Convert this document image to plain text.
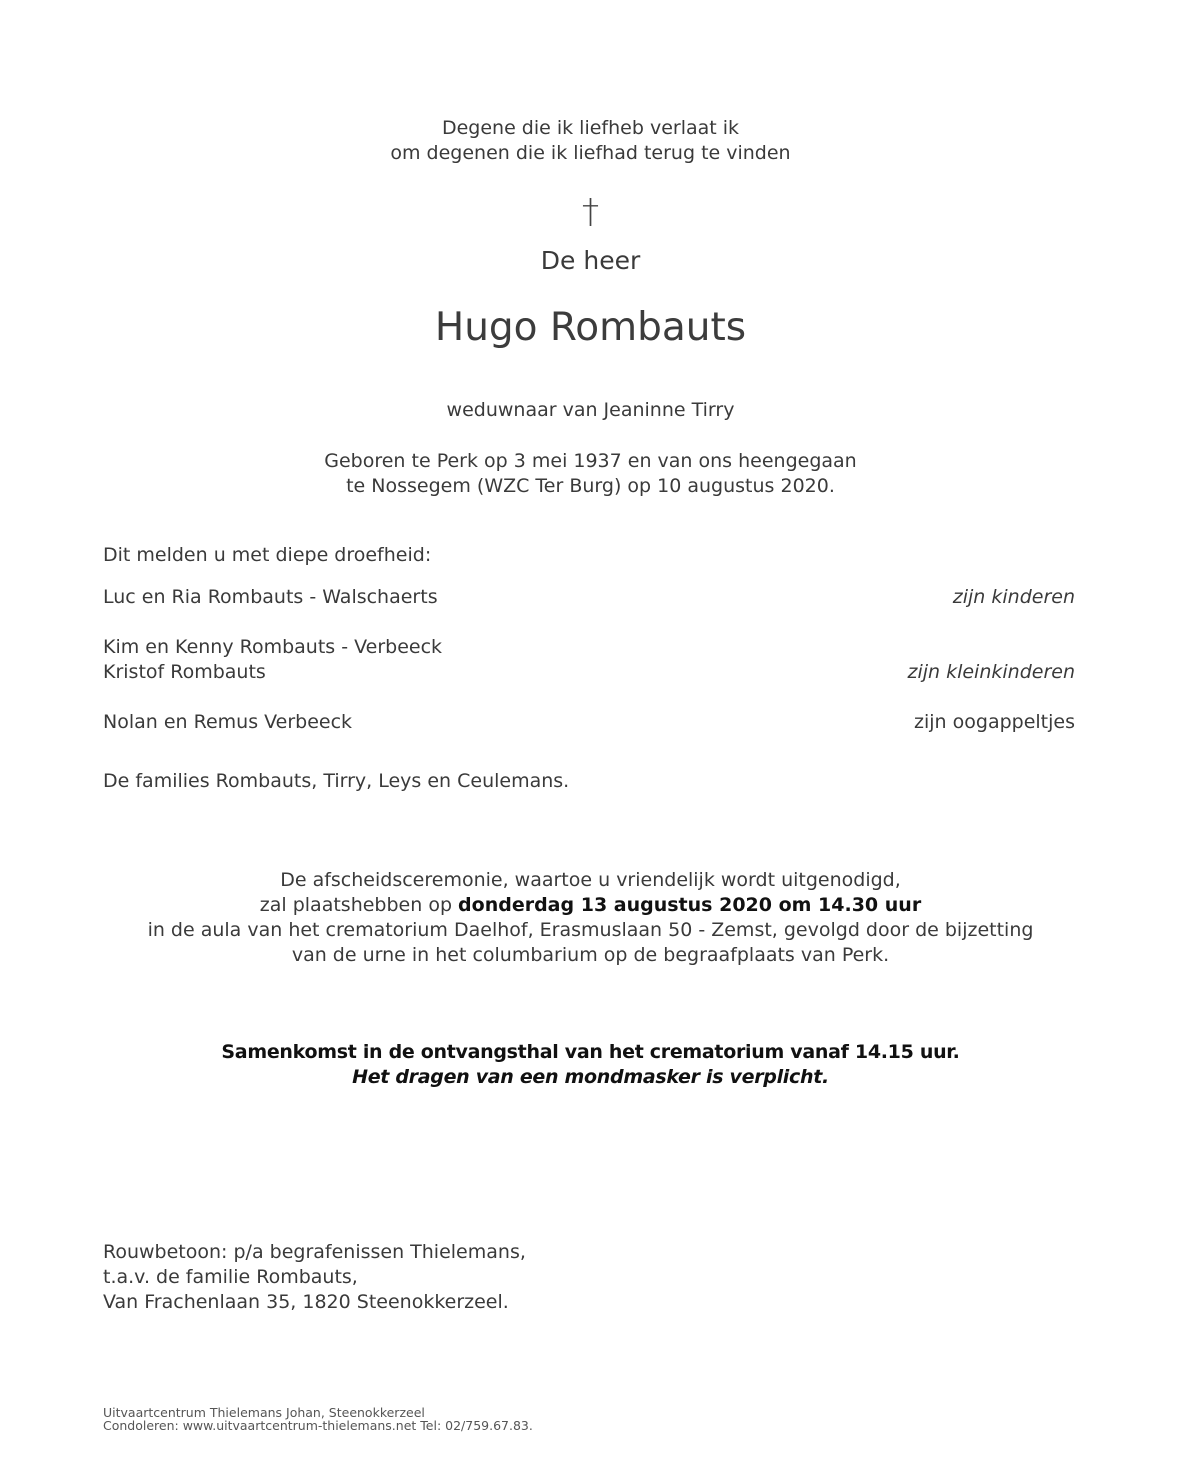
Degene die ik liefheb verlaat ik
om degenen die ik liefhad terug te vinden
†
De heer
Hugo Rombauts
weduwnaar van Jeaninne Tirry
Geboren te Perk op 3 mei 1937 en van ons heengegaan
te Nossegem (WZC Ter Burg) op 10 augustus 2020.
Dit melden u met diepe droefheid:
Luc en Ria Rombauts - Walschaerts	zijn kinderen
Kim en Kenny Rombauts - Verbeeck
Kristof Rombauts	zijn kleinkinderen
Nolan en Remus Verbeeck	zijn oogappeltjes
De families Rombauts, Tirry, Leys en Ceulemans.
De afscheidsceremonie, waartoe u vriendelijk wordt uitgenodigd,
zal plaatshebben op donderdag 13 augustus 2020 om 14.30 uur
in de aula van het crematorium Daelhof, Erasmuslaan 50 - Zemst, gevolgd door de bijzetting
van de urne in het columbarium op de begraafplaats van Perk.
Samenkomst in de ontvangsthal van het crematorium vanaf 14.15 uur.
Het dragen van een mondmasker is verplicht.
Rouwbetoon: p/a begrafenissen Thielemans,
t.a.v. de familie Rombauts,
Van Frachenlaan 35, 1820 Steenokkerzeel.
Uitvaartcentrum Thielemans Johan, Steenokkerzeel
Condoleren: www.uitvaartcentrum-thielemans.net Tel: 02/759.67.83.
